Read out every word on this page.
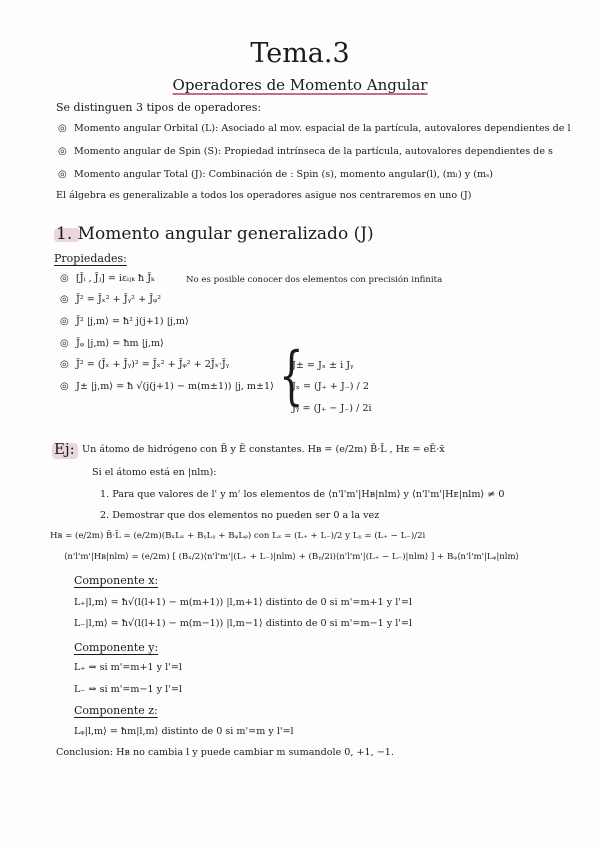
Tema.3
Operadores de Momento Angular
Se distinguen 3 tipos de operadores:
◎ Momento angular Orbital (L): Asociado al mov. espacial de la partícula, autovalores dependientes de l
◎ Momento angular de Spin (S): Propiedad intrínseca de la partícula, autovalores dependientes de s
◎ Momento angular Total (J): Combinación de : Spin (s), momento angular(l), (mₗ) y (mₛ)
El álgebra es generalizable a todos los operadores asigue nos centraremos en uno (J)
1. Momento angular generalizado (J)
Propiedades:
◎ [J̄ᵢ , J̄ⱼ] = iεᵢⱼₖ ħ J̄ₖ	No es posible conocer dos elementos con precisión infinita
◎ J̄² = J̄ₓ² + J̄ᵧ² + J̄ᵩ²
◎ J̄² |j,m⟩ = ħ² j(j+1) |j,m⟩
◎ J̄ᵩ |j,m⟩ = ħm |j,m⟩
◎ J̄² = (J̄ₓ + J̄ᵧ)² = J̄ₓ² + J̄ᵩ² + 2J̄ₓ·J̄ᵧ
◎ J± |j,m⟩ = ħ √(j(j+1) − m(m±1)) |j, m±1⟩ {
J± = Jₓ ± i Jᵧ
Jₓ = (J₊ + J₋) / 2
Jᵧ = (J₊ − J₋) / 2i
Ej: Un átomo de hidrógeno con B̄ y Ē constantes. Hʙ = (e/2m) B̄·L̄ , Hᴇ = eĒ·x̄
Si el átomo está en |nlm):
1. Para que valores de l' y m' los elementos de ⟨n'l'm'|Hʙ|nlm⟩ y ⟨n'l'm'|Hᴇ|nlm⟩ ≠ 0
2. Demostrar que dos elementos no pueden ser 0 a la vez
Hʙ = (e/2m) B̄·L̄ = (e/2m)(BₓLₓ + BᵧLᵧ + BᵩLᵩ) con Lₓ = (L₊ + L₋)/2 y Lᵧ = (L₊ − L₋)/2i
⟨n'l'm'|Hʙ|nlm⟩ = (e/2m) [ (Bₓ/2)⟨n'l'm'|(L₊ + L₋)|nlm⟩ + (Bᵧ/2i)⟨n'l'm'|(L₊ − L₋)|nlm⟩ ] + Bᵩ⟨n'l'm'|Lᵩ|nlm⟩
Componente x:
L₊|l,m⟩ = ħ√(l(l+1) − m(m+1)) |l,m+1⟩ distinto de 0 si m'=m+1 y l'=l
L₋|l,m⟩ = ħ√(l(l+1) − m(m−1)) |l,m−1⟩ distinto de 0 si m'=m−1 y l'=l
Componente y:
L₊ ⇒ si m'=m+1 y l'=l
L₋ ⇒ si m'=m−1 y l'=l
Componente z:
Lᵩ|l,m⟩ = ħm|l,m⟩ distinto de 0 si m'=m y l'=l
Conclusion: Hʙ no cambia l y puede cambiar m sumandole 0, +1, −1.
